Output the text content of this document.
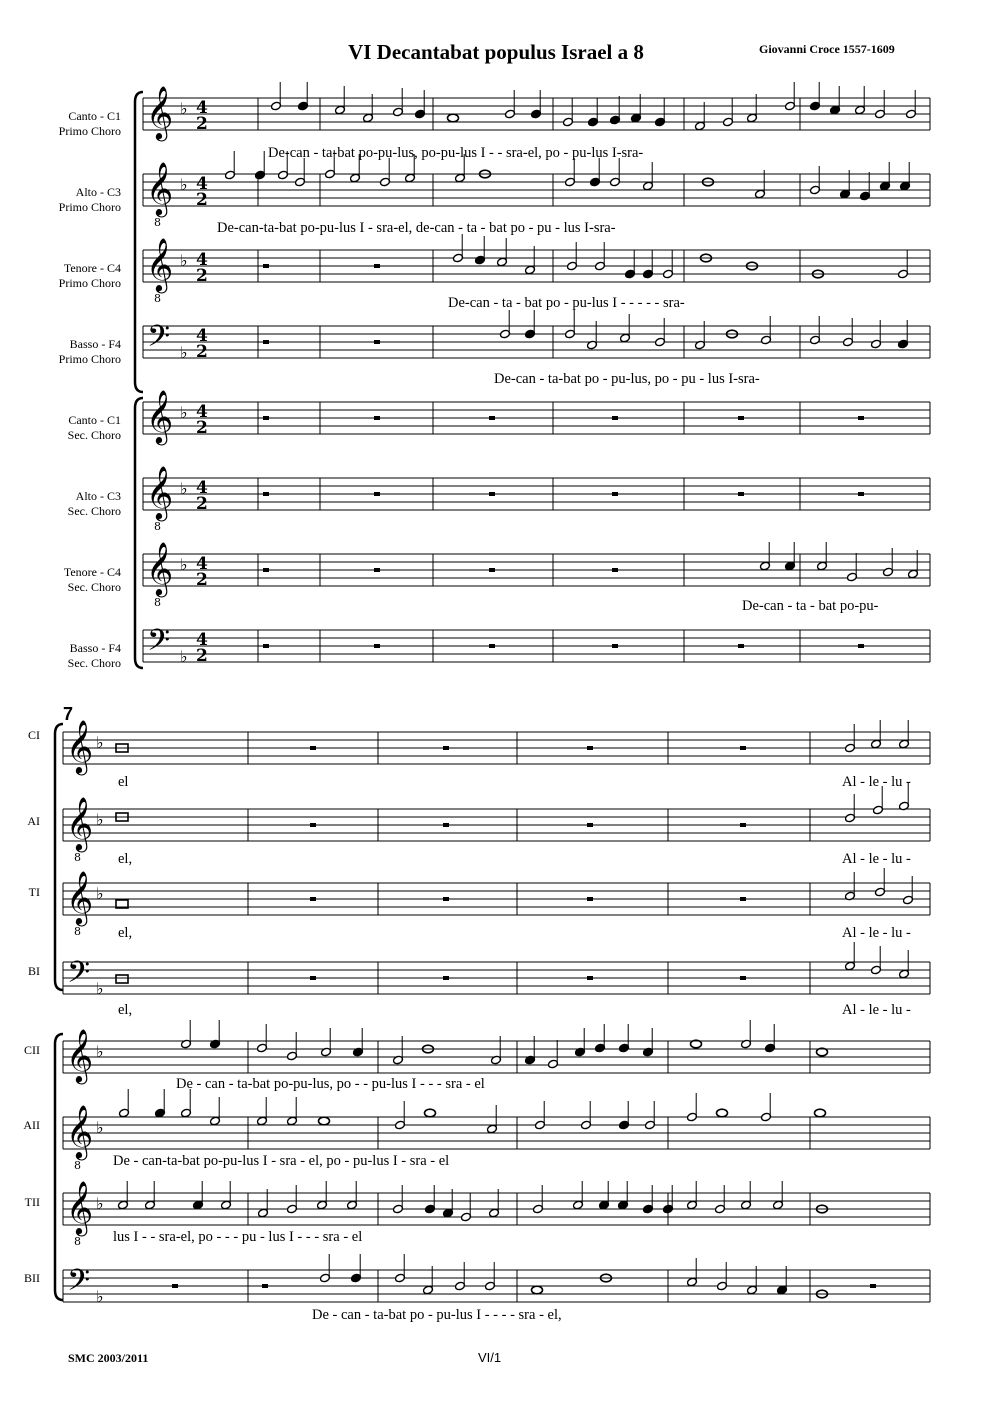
VI Decantabat populus Israel a 8	Giovanni Croce 1557-1609
Canto - C1
Primo Choro
Alto - C3
Primo Choro
Tenore - C4
Primo Choro
Basso - F4
Primo Choro
Canto - C1
Sec. Choro
Alto - C3
Sec. Choro
Tenore - C4
Sec. Choro
Basso - F4
Sec. Choro
De-can - ta-bat po-pu-lus, po-pu-lus I - - sra-el, po - pu-lus I-sra-
De-can-ta-bat po-pu-lus I - sra-el, de-can - ta - bat po - pu - lus I-sra-
De-can - ta - bat po - pu-lus I - - - - - sra-
De-can - ta-bat po - pu-lus, po - pu - lus I-sra-
De-can - ta - bat po-pu-
7
CI
AI
TI
BI
CII
AII
TII
BII
el	Al - le - lu -
el,	Al - le - lu -
el,	Al - le - lu -
el,	Al - le - lu -
De - can - ta-bat po-pu-lus, po - - pu-lus I - - - sra - el
De - can-ta-bat po-pu-lus I - sra - el, po - pu-lus I - sra - el
lus I - - sra-el, po - - - pu - lus I - - - sra - el
De - can - ta-bat po - pu-lus I - - - - sra - el,
SMC 2003/2011	VI/1
𝄞 ♭ 4
2
𝄞
8
♭ 4
2
𝄞
8
♭ 4
2
𝄢 ♭
4
2
𝄞 ♭ 4
2
𝄞
8
♭ 4
2
𝄞
8
♭ 4
2
𝄢 ♭
4
2
𝄞 ♭
𝄞
8
♭
𝄞
8
♭
𝄢 ♭
𝄞 ♭
𝄞
8
♭
𝄞
8
♭
𝄢 ♭
